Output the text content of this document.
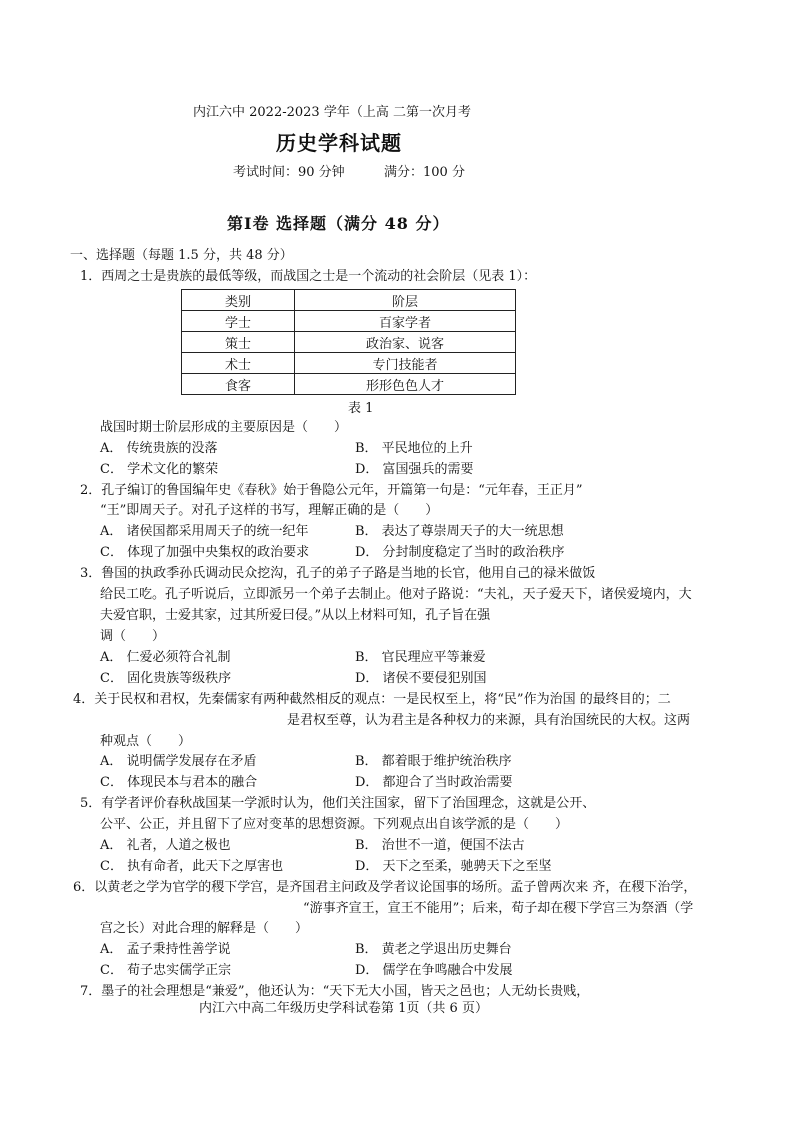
内江六中 2022-2023 学年（上高 二第一次月考
历史学科试题
考试时间：90 分钟	满分：100 分
第Ⅰ卷 选择题（满分 48 分）
一、选择题（每题 1.5 分，共 48 分）
1．西周之士是贵族的最低等级，而战国之士是一个流动的社会阶层（见表 1）：
类别	阶层
学士	百家学者
策士	政治家、说客
术士	专门技能者
食客	形形色色人才
表 1
战国时期士阶层形成的主要原因是（　　）
A． 传统贵族的没落	B． 平民地位的上升
C． 学术文化的繁荣	D． 富国强兵的需要
2．孔子编订的鲁国编年史《春秋》始于鲁隐公元年，开篇第一句是：“元年春，王正月”
“王”即周天子。对孔子这样的书写，理解正确的是（　　）
A． 诸侯国都采用周天子的统一纪年	B． 表达了尊崇周天子的大一统思想
C． 体现了加强中央集权的政治要求	D． 分封制度稳定了当时的政治秩序
3．鲁国的执政季孙氏调动民众挖沟，孔子的弟子子路是当地的长官，他用自己的禄米做饭
给民工吃。孔子听说后，立即派另一个弟子去制止。他对子路说：“夫礼，天子爱天下，诸侯爱境内，大
夫爱官职，士爱其家，过其所爱曰侵。”从以上材料可知，孔子旨在强
调（　　）
A． 仁爱必须符合礼制	B． 官民理应平等兼爱
C． 固化贵族等级秩序	D． 诸侯不要侵犯别国
4．关于民权和君权，先秦儒家有两种截然相反的观点：一是民权至上，将“民”作为治国 的最终目的；二
是君权至尊，认为君主是各种权力的来源，具有治国统民的大权。这两
种观点（　　）
A． 说明儒学发展存在矛盾	B． 都着眼于维护统治秩序
C． 体现民本与君本的融合	D． 都迎合了当时政治需要
5．有学者评价春秋战国某一学派时认为，他们关注国家，留下了治国理念，这就是公开、
公平、公正，并且留下了应对变革的思想资源。下列观点出自该学派的是（　　）
A． 礼者，人道之极也	B． 治世不一道，便国不法古
C． 执有命者，此天下之厚害也	D． 天下之至柔，驰骋天下之至坚
6．以黄老之学为官学的稷下学宫，是齐国君主问政及学者议论国事的场所。孟子曾两次来 齐，在稷下治学，
“游事齐宣王，宣王不能用”；后来，荀子却在稷下学宫三为祭酒（学
宫之长）对此合理的解释是（　　）
A． 孟子秉持性善学说	B． 黄老之学退出历史舞台
C． 荀子忠实儒学正宗	D． 儒学在争鸣融合中发展
7．墨子的社会理想是“兼爱”，他还认为：“天下无大小国，皆天之邑也；人无幼长贵贱，
内江六中高二年级历史学科试卷第 1页（共 6 页）
